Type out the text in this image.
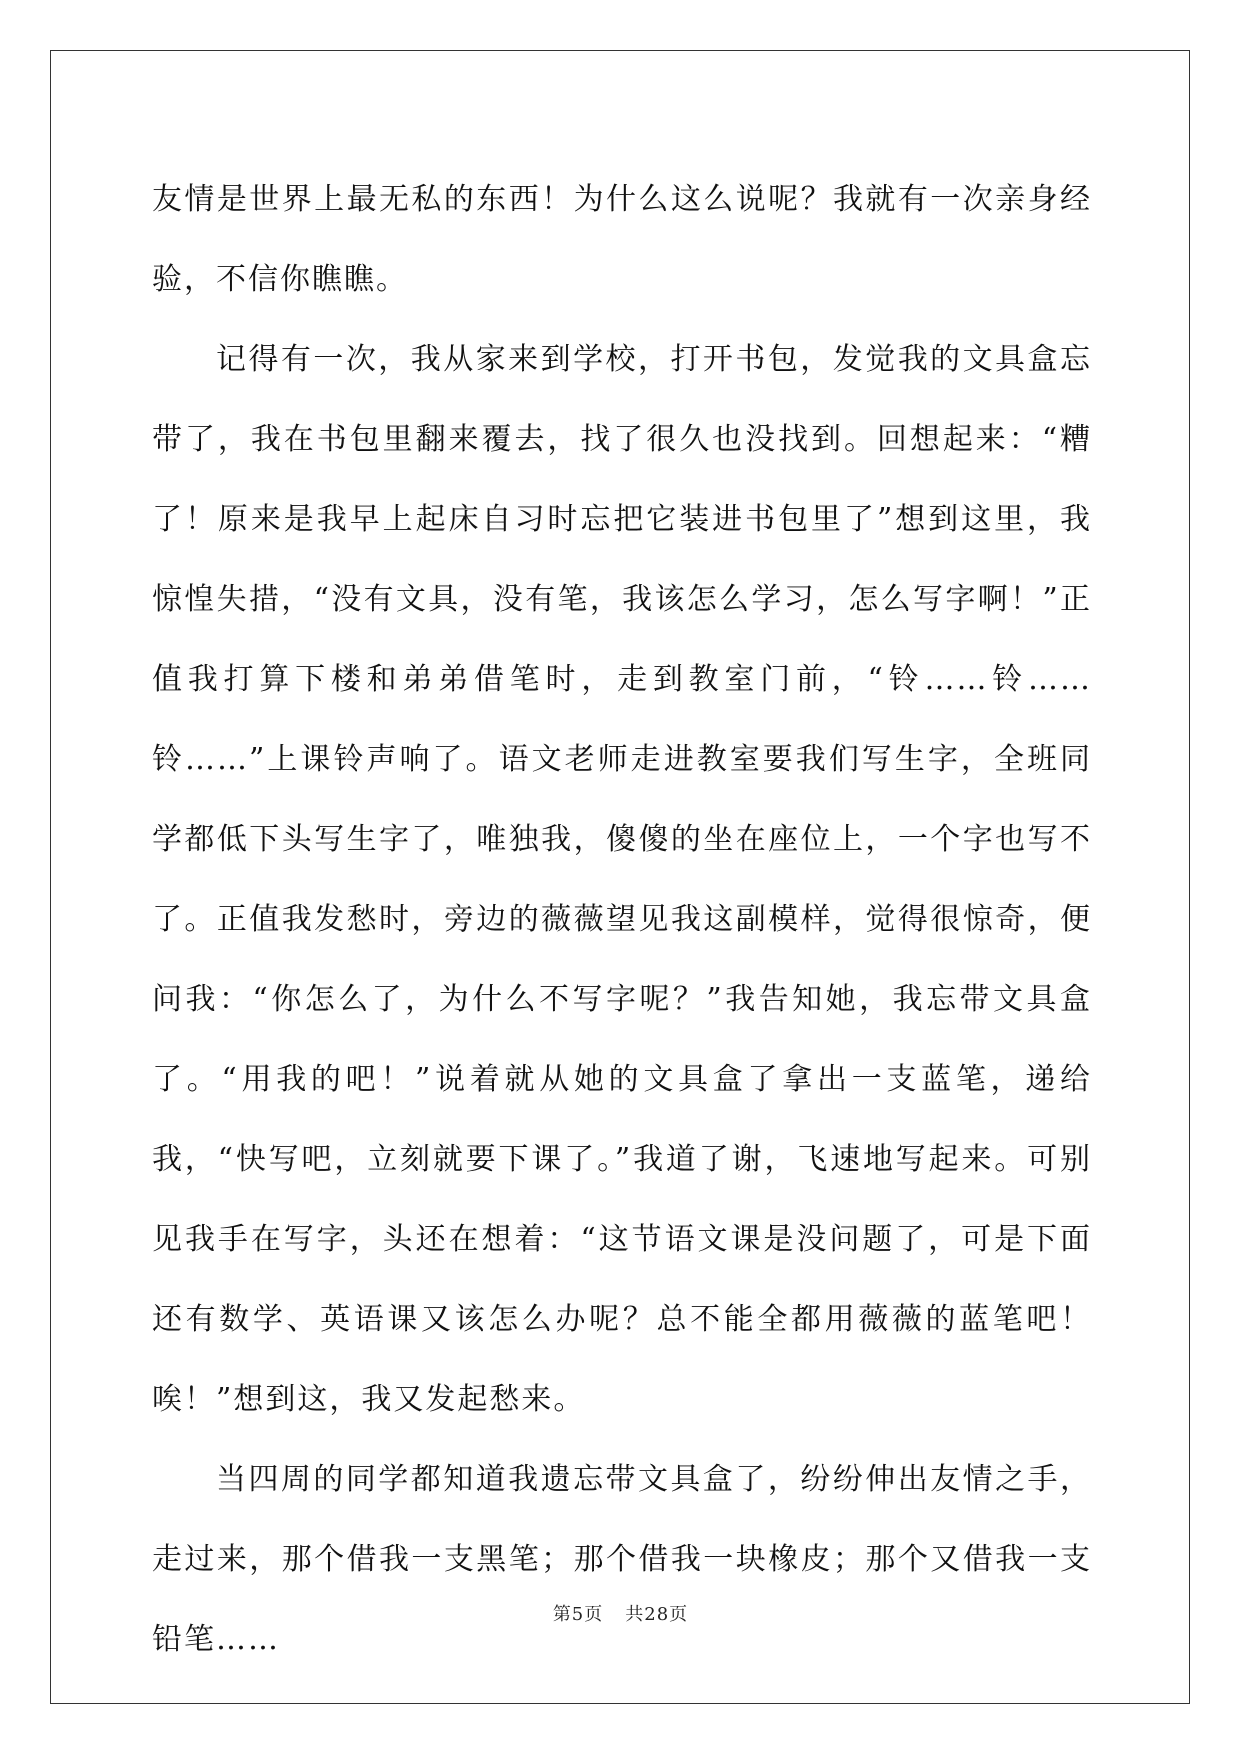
友情是世界上最无私的东西！为什么这么说呢？我就有一次亲身经验，不信你瞧瞧。

记得有一次，我从家来到学校，打开书包，发觉我的文具盒忘带了，我在书包里翻来覆去，找了很久也没找到。回想起来：“糟了！原来是我早上起床自习时忘把它装进书包里了”想到这里，我惊惶失措，“没有文具，没有笔，我该怎么学习，怎么写字啊！”正值我打算下楼和弟弟借笔时，走到教室门前，“铃……铃……铃……”上课铃声响了。语文老师走进教室要我们写生字，全班同学都低下头写生字了，唯独我，傻傻的坐在座位上，一个字也写不了。正值我发愁时，旁边的薇薇望见我这副模样，觉得很惊奇，便问我：“你怎么了，为什么不写字呢？”我告知她，我忘带文具盒了。“用我的吧！”说着就从她的文具盒了拿出一支蓝笔，递给我，“快写吧，立刻就要下课了。”我道了谢，飞速地写起来。可别见我手在写字，头还在想着：“这节语文课是没问题了，可是下面还有数学、英语课又该怎么办呢？总不能全都用薇薇的蓝笔吧！唉！”想到这，我又发起愁来。

当四周的同学都知道我遗忘带文具盒了，纷纷伸出友情之手，走过来，那个借我一支黑笔；那个借我一块橡皮；那个又借我一支铅笔……

第5页 共28页
